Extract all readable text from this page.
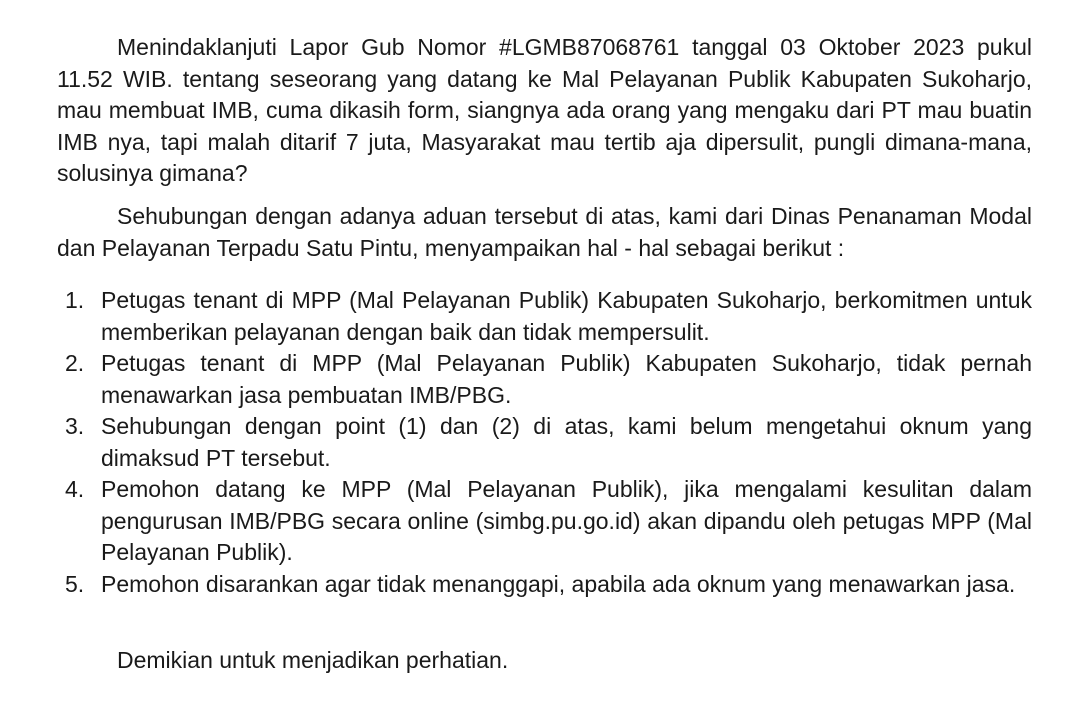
Menindaklanjuti Lapor Gub Nomor #LGMB87068761 tanggal 03 Oktober 2023 pukul 11.52 WIB. tentang seseorang yang datang ke Mal Pelayanan Publik Kabupaten Sukoharjo, mau membuat IMB, cuma dikasih form, siangnya ada orang yang mengaku dari PT mau buatin IMB nya, tapi malah ditarif 7 juta, Masyarakat mau tertib aja dipersulit, pungli dimana-mana, solusinya gimana?

Sehubungan dengan adanya aduan tersebut di atas, kami dari Dinas Penanaman Modal dan Pelayanan Terpadu Satu Pintu, menyampaikan hal - hal sebagai berikut :

1. Petugas tenant di MPP (Mal Pelayanan Publik) Kabupaten Sukoharjo, berkomitmen untuk memberikan pelayanan dengan baik dan tidak mempersulit.
2. Petugas tenant di MPP (Mal Pelayanan Publik) Kabupaten Sukoharjo, tidak pernah menawarkan jasa pembuatan IMB/PBG.
3. Sehubungan dengan point (1) dan (2) di atas, kami belum mengetahui oknum yang dimaksud PT tersebut.
4. Pemohon datang ke MPP (Mal Pelayanan Publik), jika mengalami kesulitan dalam pengurusan IMB/PBG secara online (simbg.pu.go.id) akan dipandu oleh petugas MPP (Mal Pelayanan Publik).
5. Pemohon disarankan agar tidak menanggapi, apabila ada oknum yang menawarkan jasa.

Demikian untuk menjadikan perhatian.
